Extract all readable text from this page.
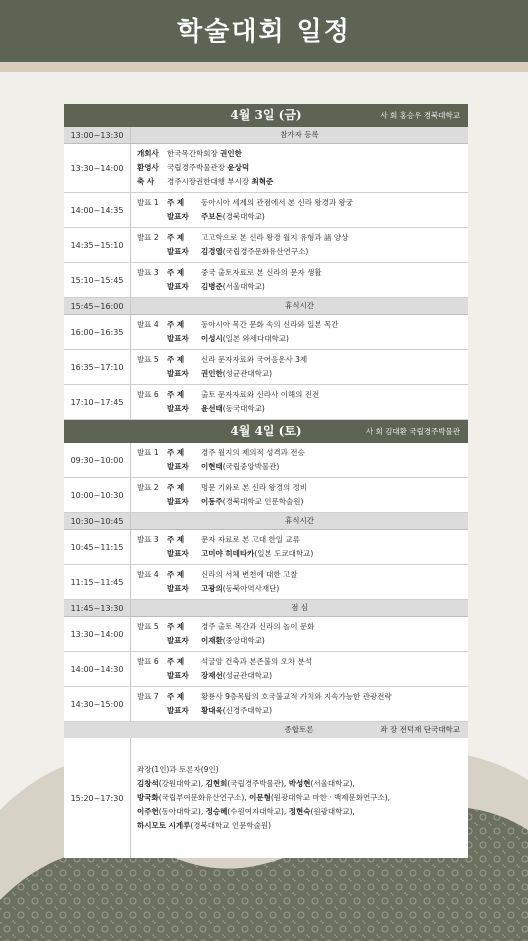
학술대회 일정
4월 3일 (금)	사 회 홍승우 경북대학교
13:00~13:30	참가자 등록
13:30~14:00
개회사 한국목간학회장 권인한
환영사 국립경주박물관장 윤상덕
축 사 경주시장권한대행 부시장 최혁준
14:00~14:35
발표 1 주 제 동아시아 세계의 관점에서 본 신라 왕경과 왕궁
발표자 주보돈(경북대학교)
14:35~15:10
발표 2 주 제 고고학으로 본 신라 왕경 월지 유형과 諸 양상
발표자 김경열(국립경주문화유산연구소)
15:10~15:45
발표 3 주 제 중국 출토자료로 본 신라의 문자 생활
발표자 김병준(서울대학교)
15:45~16:00	휴식시간
16:00~16:35
발표 4 주 제 동아시아 목간 문화 속의 신라와 일본 목간
발표자 이성시(일본 와세다대학교)
16:35~17:10
발표 5 주 제 신라 문자자료와 국어음운사 3제
발표자 권인한(성균관대학교)
17:10~17:45
발표 6 주 제 출토 문자자료와 신라사 이해의 진전
발표자 윤선태(동국대학교)
4월 4일 (토)	사 회 김대환 국립경주박물관
09:30~10:00
발표 1 주 제 경주 월지의 제의적 성격과 전승
발표자 이현태(국립중앙박물관)
10:00~10:30
발표 2 주 제 명문 기와로 본 신라 왕경의 정비
발표자 이동주(경북대학교 인문학술원)
10:30~10:45	휴식시간
10:45~11:15
발표 3 주 제 문자 자료로 본 고대 한일 교류
발표자 고미야 히데타카(일본 도쿄대학교)
11:15~11:45
발표 4 주 제 신라의 서체 변천에 대한 고찰
발표자 고광의(동북아역사재단)
11:45~13:30	점 심
13:30~14:00
발표 5 주 제 경주 출토 목간과 신라의 놀이 문화
발표자 이재환(중앙대학교)
14:00~14:30
발표 6 주 제 석굴암 건축과 본존불의 오차 분석
발표자 장재선(성균관대학교)
14:30~15:00
발표 7 주 제 황룡사 9층목탑의 호국불교적 가치와 지속가능한 관광전략
발표자 황대욱(신경주대학교)
종합토론	좌 장 전덕재 단국대학교
15:20~17:30
좌장(1인)과 토론자(9인)
김창석(강원대학교), 김현희(국립경주박물관), 박성현(서울대학교),
방국화(국립부여문화유산연구소), 이문형(원광대학교 마한 · 백제문화연구소),
이주헌(동아대학교), 정승혜(수원여자대학교), 정현숙(원광대학교),
하시모토 시게루(경북대학교 인문학술원)
